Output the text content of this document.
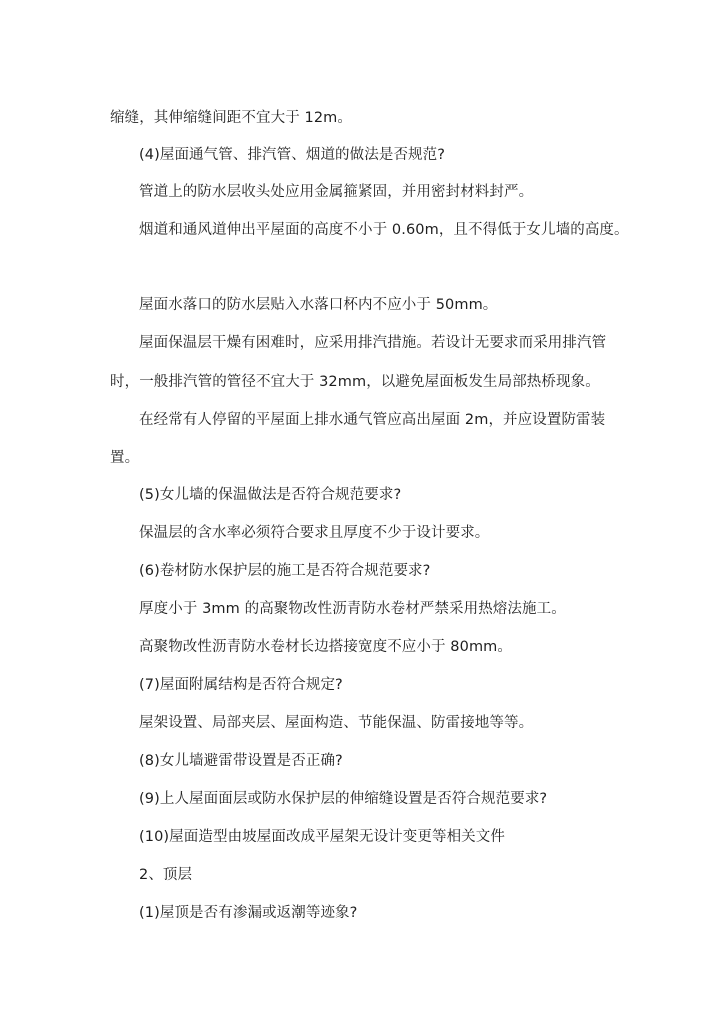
缩缝，其伸缩缝间距不宜大于 12m。

(4)屋面通气管、排汽管、烟道的做法是否规范?

管道上的防水层收头处应用金属箍紧固，并用密封材料封严。

烟道和通风道伸出平屋面的高度不小于 0.60m，且不得低于女儿墙的高度。

屋面水落口的防水层贴入水落口杯内不应小于 50mm。

屋面保温层干燥有困难时，应采用排汽措施。若设计无要求而采用排汽管

时，一般排汽管的管径不宜大于 32mm，以避免屋面板发生局部热桥现象。

在经常有人停留的平屋面上排水通气管应高出屋面 2m，并应设置防雷装

置。

(5)女儿墙的保温做法是否符合规范要求?

保温层的含水率必须符合要求且厚度不少于设计要求。

(6)卷材防水保护层的施工是否符合规范要求?

厚度小于 3mm 的高聚物改性沥青防水卷材严禁采用热熔法施工。

高聚物改性沥青防水卷材长边搭接宽度不应小于 80mm。

(7)屋面附属结构是否符合规定?

屋架设置、局部夹层、屋面构造、节能保温、防雷接地等等。

(8)女儿墙避雷带设置是否正确?

(9)上人屋面面层或防水保护层的伸缩缝设置是否符合规范要求?

(10)屋面造型由坡屋面改成平屋架无设计变更等相关文件

2、顶层

(1)屋顶是否有渗漏或返潮等迹象?
